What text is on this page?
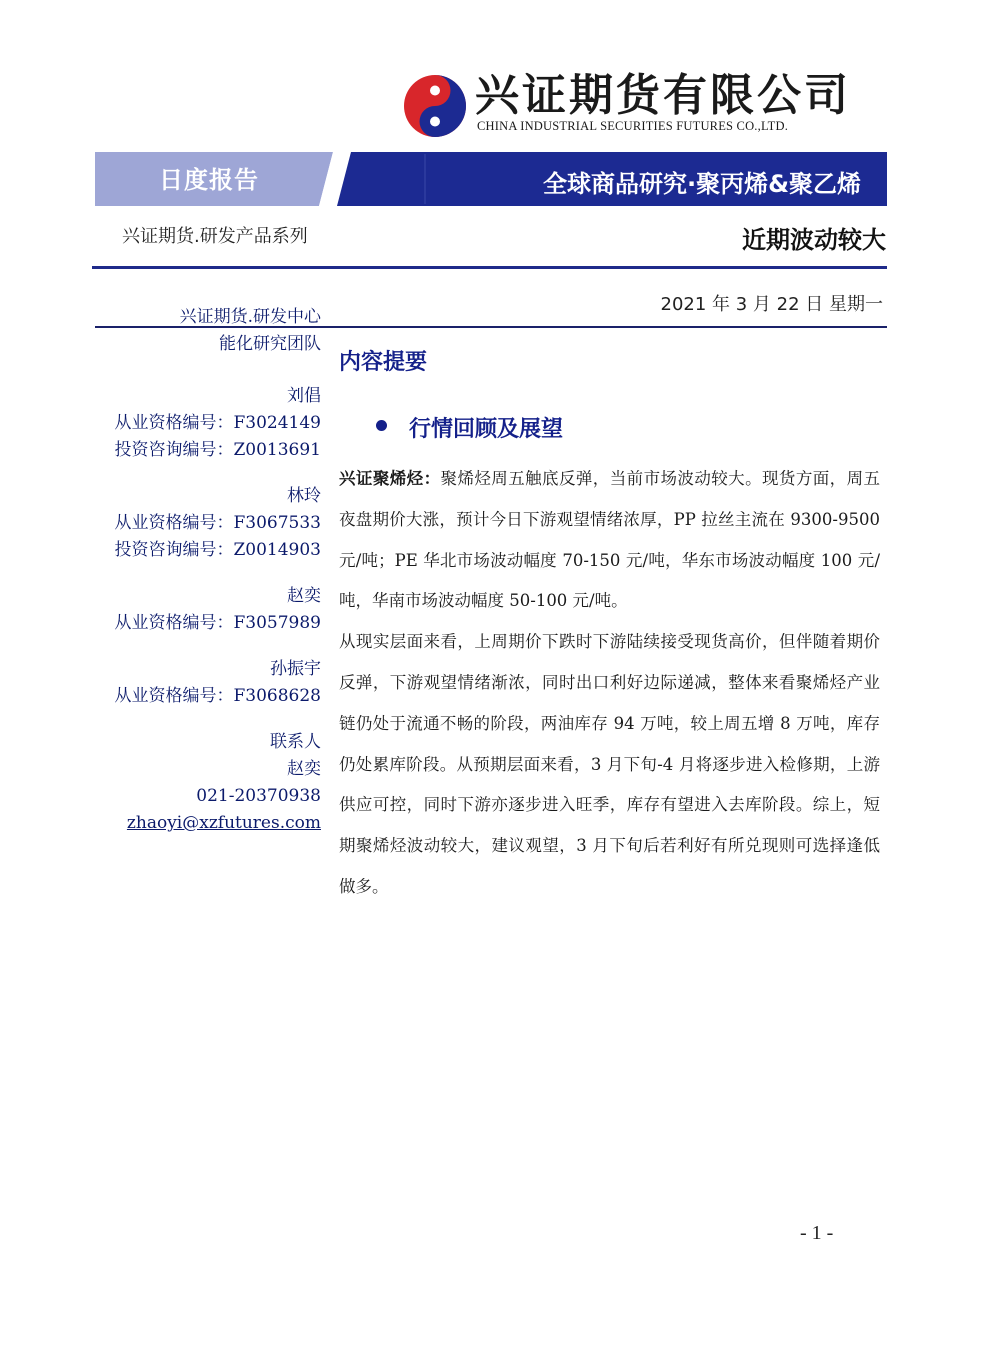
兴证期货有限公司
CHINA INDUSTRIAL SECURITIES FUTURES CO.,LTD.
日度报告	全球商品研究·聚丙烯&聚乙烯
兴证期货.研发产品系列	近期波动较大
2021 年 3 月 22 日 星期一
兴证期货.研发中心
能化研究团队
刘倡
从业资格编号：F3024149
投资咨询编号：Z0013691
林玲
从业资格编号：F3067533
投资咨询编号：Z0014903
赵奕
从业资格编号：F3057989
孙振宇
从业资格编号：F3068628
联系人
赵奕
021-20370938
zhaoyi@xzfutures.com
内容提要
行情回顾及展望

兴证聚烯烃：聚烯烃周五触底反弹，当前市场波动较大。现货方面，周五夜盘期价大涨，预计今日下游观望情绪浓厚，PP 拉丝主流在 9300-9500 元/吨；PE 华北市场波动幅度 70-150 元/吨，华东市场波动幅度 100 元/吨，华南市场波动幅度 50-100 元/吨。

从现实层面来看，上周期价下跌时下游陆续接受现货高价，但伴随着期价反弹，下游观望情绪渐浓，同时出口利好边际递减，整体来看聚烯烃产业链仍处于流通不畅的阶段，两油库存 94 万吨，较上周五增 8 万吨，库存仍处累库阶段。从预期层面来看，3 月下旬-4 月将逐步进入检修期，上游供应可控，同时下游亦逐步进入旺季，库存有望进入去库阶段。综上，短期聚烯烃波动较大，建议观望，3 月下旬后若利好有所兑现则可选择逢低做多。

- 1 -
